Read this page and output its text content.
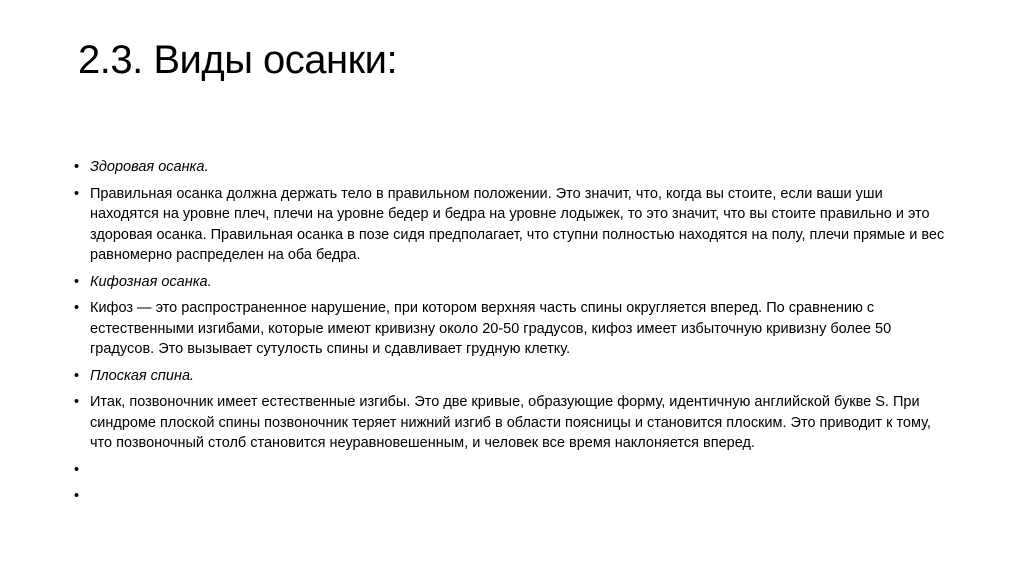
2.3. Виды осанки:
• Здоровая осанка.
• Правильная осанка должна держать тело в правильном положении. Это значит, что, когда вы стоите, если ваши уши находятся на уровне плеч, плечи на уровне бедер и бедра на уровне лодыжек, то это значит, что вы стоите правильно и это здоровая осанка. Правильная осанка в позе сидя предполагает, что ступни полностью находятся на полу, плечи прямые и вес равномерно распределен на оба бедра.
• Кифозная осанка.
• Кифоз — это распространенное нарушение, при котором верхняя часть спины округляется вперед. По сравнению с естественными изгибами, которые имеют кривизну около 20-50 градусов, кифоз имеет избыточную кривизну более 50 градусов. Это вызывает сутулость спины и сдавливает грудную клетку.
• Плоская спина.
• Итак, позвоночник имеет естественные изгибы. Это две кривые, образующие форму, идентичную английской букве S. При синдроме плоской спины позвоночник теряет нижний изгиб в области поясницы и становится плоским. Это приводит к тому, что позвоночный столб становится неуравновешенным, и человек все время наклоняется вперед.
•
•
